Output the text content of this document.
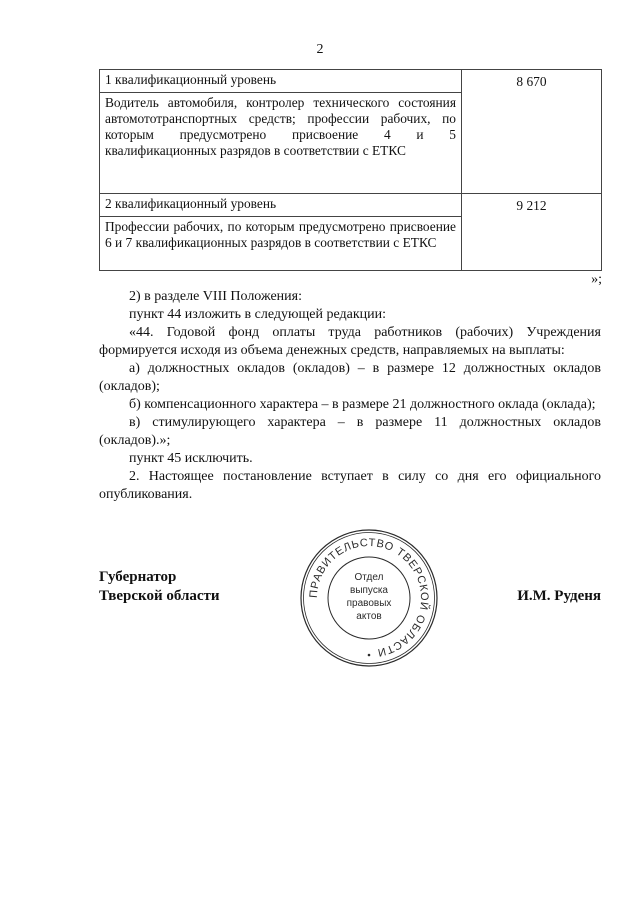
2
1 квалификационный уровень	8 670
Водитель автомобиля, контролер технического состояния автомототранспортных средств; профессии рабочих, по которым предусмотрено присвоение 4 и 5 квалификационных разрядов в соответствии с ЕТКС	
2 квалификационный уровень	9 212
Профессии рабочих, по которым предусмотрено присвоение 6 и 7 квалификационных разрядов в соответствии с ЕТКС	
»;

2) в разделе VIII Положения:

пункт 44 изложить в следующей редакции:

«44. Годовой фонд оплаты труда работников (рабочих) Учреждения формируется исходя из объема денежных средств, направляемых на выплаты:

а) должностных окладов (окладов) – в размере 12 должностных окладов (окладов);

б) компенсационного характера – в размере 21 должностного оклада (оклада);

в) стимулирующего характера – в размере 11 должностных окладов (окладов).»;

пункт 45 исключить.

2. Настоящее постановление вступает в силу со дня его официального опубликования.

Губернатор
Тверской области	И.М. Руденя
ПРАВИТЕЛЬСТВО ТВЕРСКОЙ ОБЛАСТИ
Отдел
выпуска
правовых
актов
